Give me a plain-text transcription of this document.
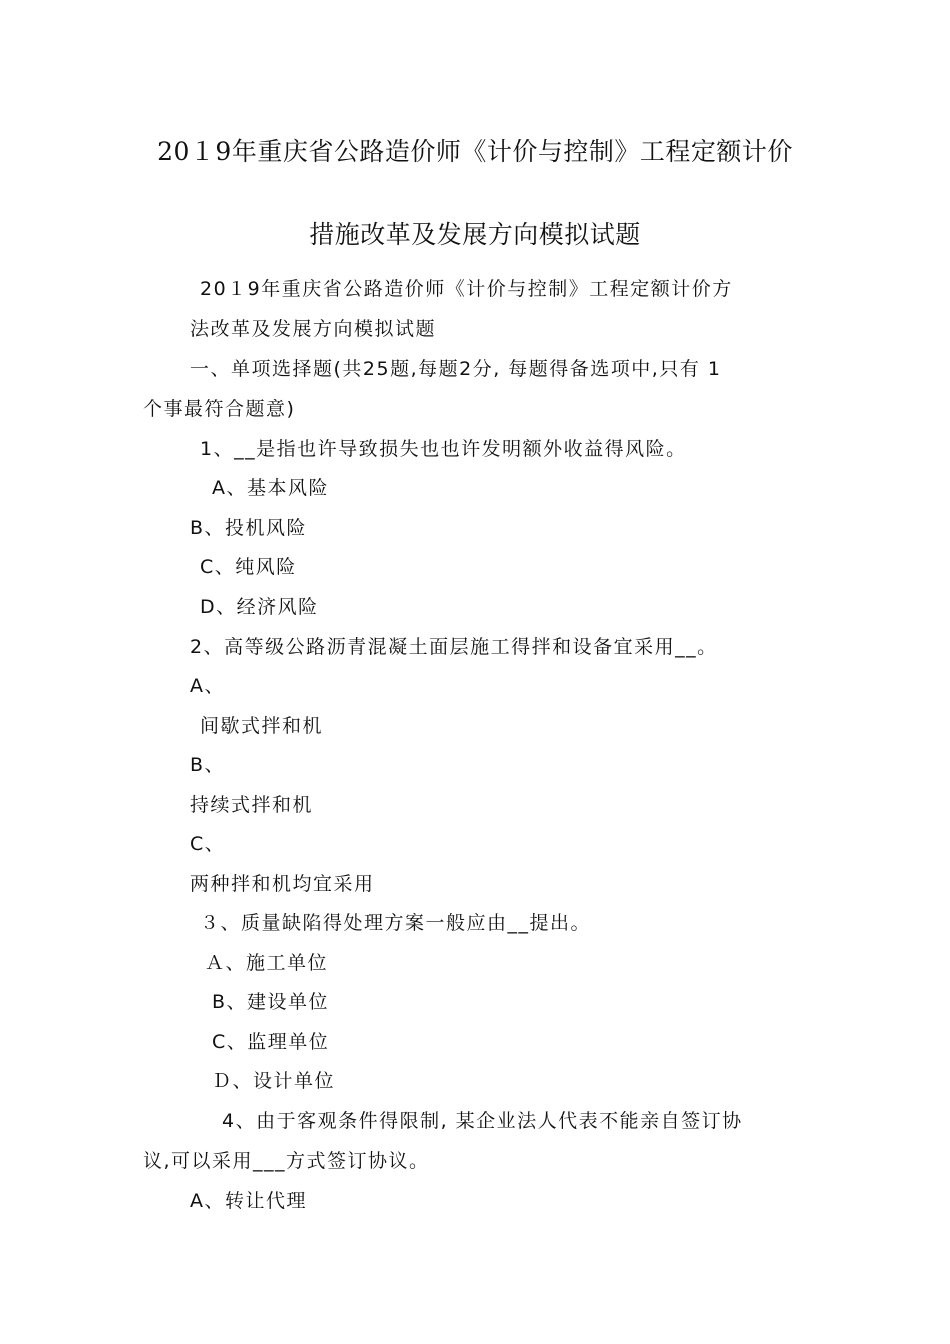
20１9年重庆省公路造价师《计价与控制》工程定额计价
措施改革及发展方向模拟试题
20１9年重庆省公路造价师《计价与控制》工程定额计价方
法改革及发展方向模拟试题
一、单项选择题(共25题,每题2分, 每题得备选项中,只有 1
个事最符合题意)
1、__是指也许导致损失也也许发明额外收益得风险。
A、基本风险
B、投机风险
C、纯风险
D、经济风险
2、高等级公路沥青混凝土面层施工得拌和设备宜采用__。
A、
间歇式拌和机
B、
持续式拌和机
C、
两种拌和机均宜采用
３、质量缺陷得处理方案一般应由__提出。
Ａ、施工单位
B、建设单位
C、监理单位
Ｄ、设计单位
4、由于客观条件得限制, 某企业法人代表不能亲自签订协
议,可以采用___方式签订协议。
A、转让代理
